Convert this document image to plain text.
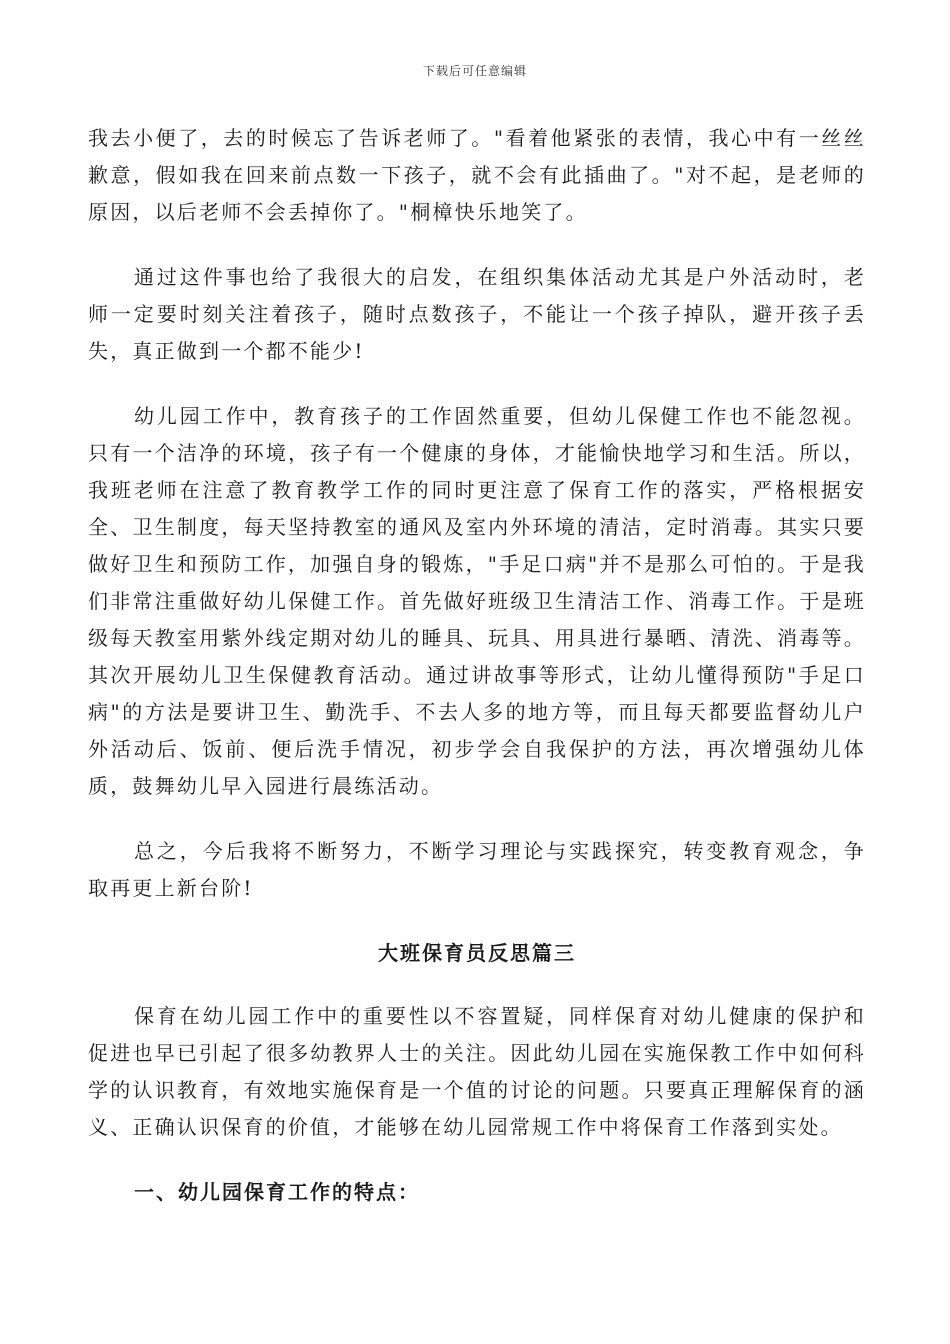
下载后可任意编辑

我去小便了，去的时候忘了告诉老师了。"看着他紧张的表情，我心中有一丝丝歉意，假如我在回来前点数一下孩子，就不会有此插曲了。"对不起，是老师的原因，以后老师不会丢掉你了。"桐樟快乐地笑了。

通过这件事也给了我很大的启发，在组织集体活动尤其是户外活动时，老师一定要时刻关注着孩子，随时点数孩子，不能让一个孩子掉队，避开孩子丢失，真正做到一个都不能少!

幼儿园工作中，教育孩子的工作固然重要，但幼儿保健工作也不能忽视。只有一个洁净的环境，孩子有一个健康的身体，才能愉快地学习和生活。所以，我班老师在注意了教育教学工作的同时更注意了保育工作的落实，严格根据安全、卫生制度，每天坚持教室的通风及室内外环境的清洁，定时消毒。其实只要做好卫生和预防工作，加强自身的锻炼，"手足口病"并不是那么可怕的。于是我们非常注重做好幼儿保健工作。首先做好班级卫生清洁工作、消毒工作。于是班级每天教室用紫外线定期对幼儿的睡具、玩具、用具进行暴晒、清洗、消毒等。其次开展幼儿卫生保健教育活动。通过讲故事等形式，让幼儿懂得预防"手足口病"的方法是要讲卫生、勤洗手、不去人多的地方等，而且每天都要监督幼儿户外活动后、饭前、便后洗手情况，初步学会自我保护的方法，再次增强幼儿体质，鼓舞幼儿早入园进行晨练活动。

总之，今后我将不断努力，不断学习理论与实践探究，转变教育观念，争取再更上新台阶!

大班保育员反思篇三

保育在幼儿园工作中的重要性以不容置疑，同样保育对幼儿健康的保护和促进也早已引起了很多幼教界人士的关注。因此幼儿园在实施保教工作中如何科学的认识教育，有效地实施保育是一个值的讨论的问题。只要真正理解保育的涵义、正确认识保育的价值，才能够在幼儿园常规工作中将保育工作落到实处。

一、幼儿园保育工作的特点：
